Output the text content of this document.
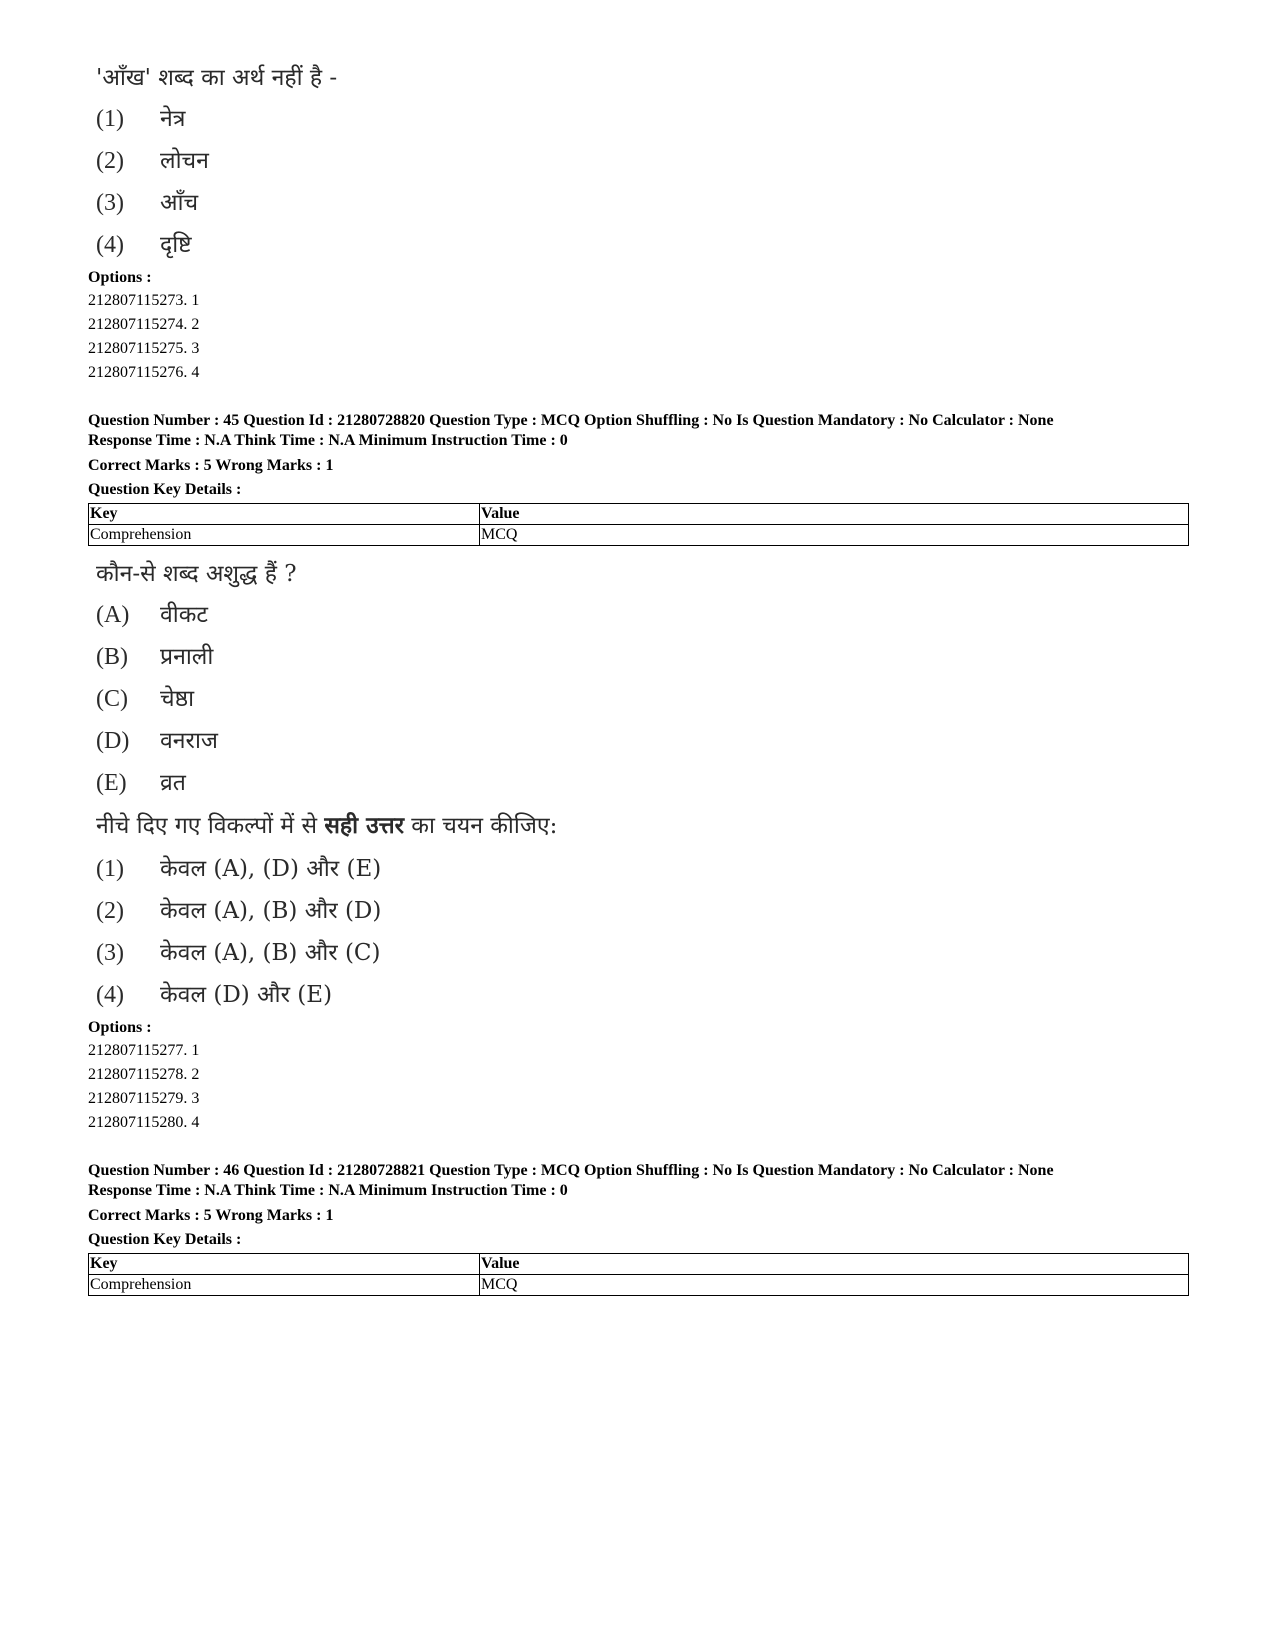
'आँख' शब्द का अर्थ नहीं है -
(1)	नेत्र
(2)	लोचन
(3)	आँच
(4)	दृष्टि
Options :
212807115273. 1
212807115274. 2
212807115275. 3
212807115276. 4
Question Number : 45 Question Id : 21280728820 Question Type : MCQ Option Shuffling : No Is Question Mandatory : No Calculator : None
Response Time : N.A Think Time : N.A Minimum Instruction Time : 0
Correct Marks : 5 Wrong Marks : 1
Question Key Details :
Key	Value
Comprehension	MCQ
कौन-से शब्द अशुद्ध हैं ?
(A)	वीकट
(B)	प्रनाली
(C)	चेष्ठा
(D)	वनराज
(E)	व्रत
नीचे दिए गए विकल्पों में से सही उत्तर का चयन कीजिए:
(1)	केवल (A), (D) और (E)
(2)	केवल (A), (B) और (D)
(3)	केवल (A), (B) और (C)
(4)	केवल (D) और (E)
Options :
212807115277. 1
212807115278. 2
212807115279. 3
212807115280. 4
Question Number : 46 Question Id : 21280728821 Question Type : MCQ Option Shuffling : No Is Question Mandatory : No Calculator : None
Response Time : N.A Think Time : N.A Minimum Instruction Time : 0
Correct Marks : 5 Wrong Marks : 1
Question Key Details :
Key	Value
Comprehension	MCQ
